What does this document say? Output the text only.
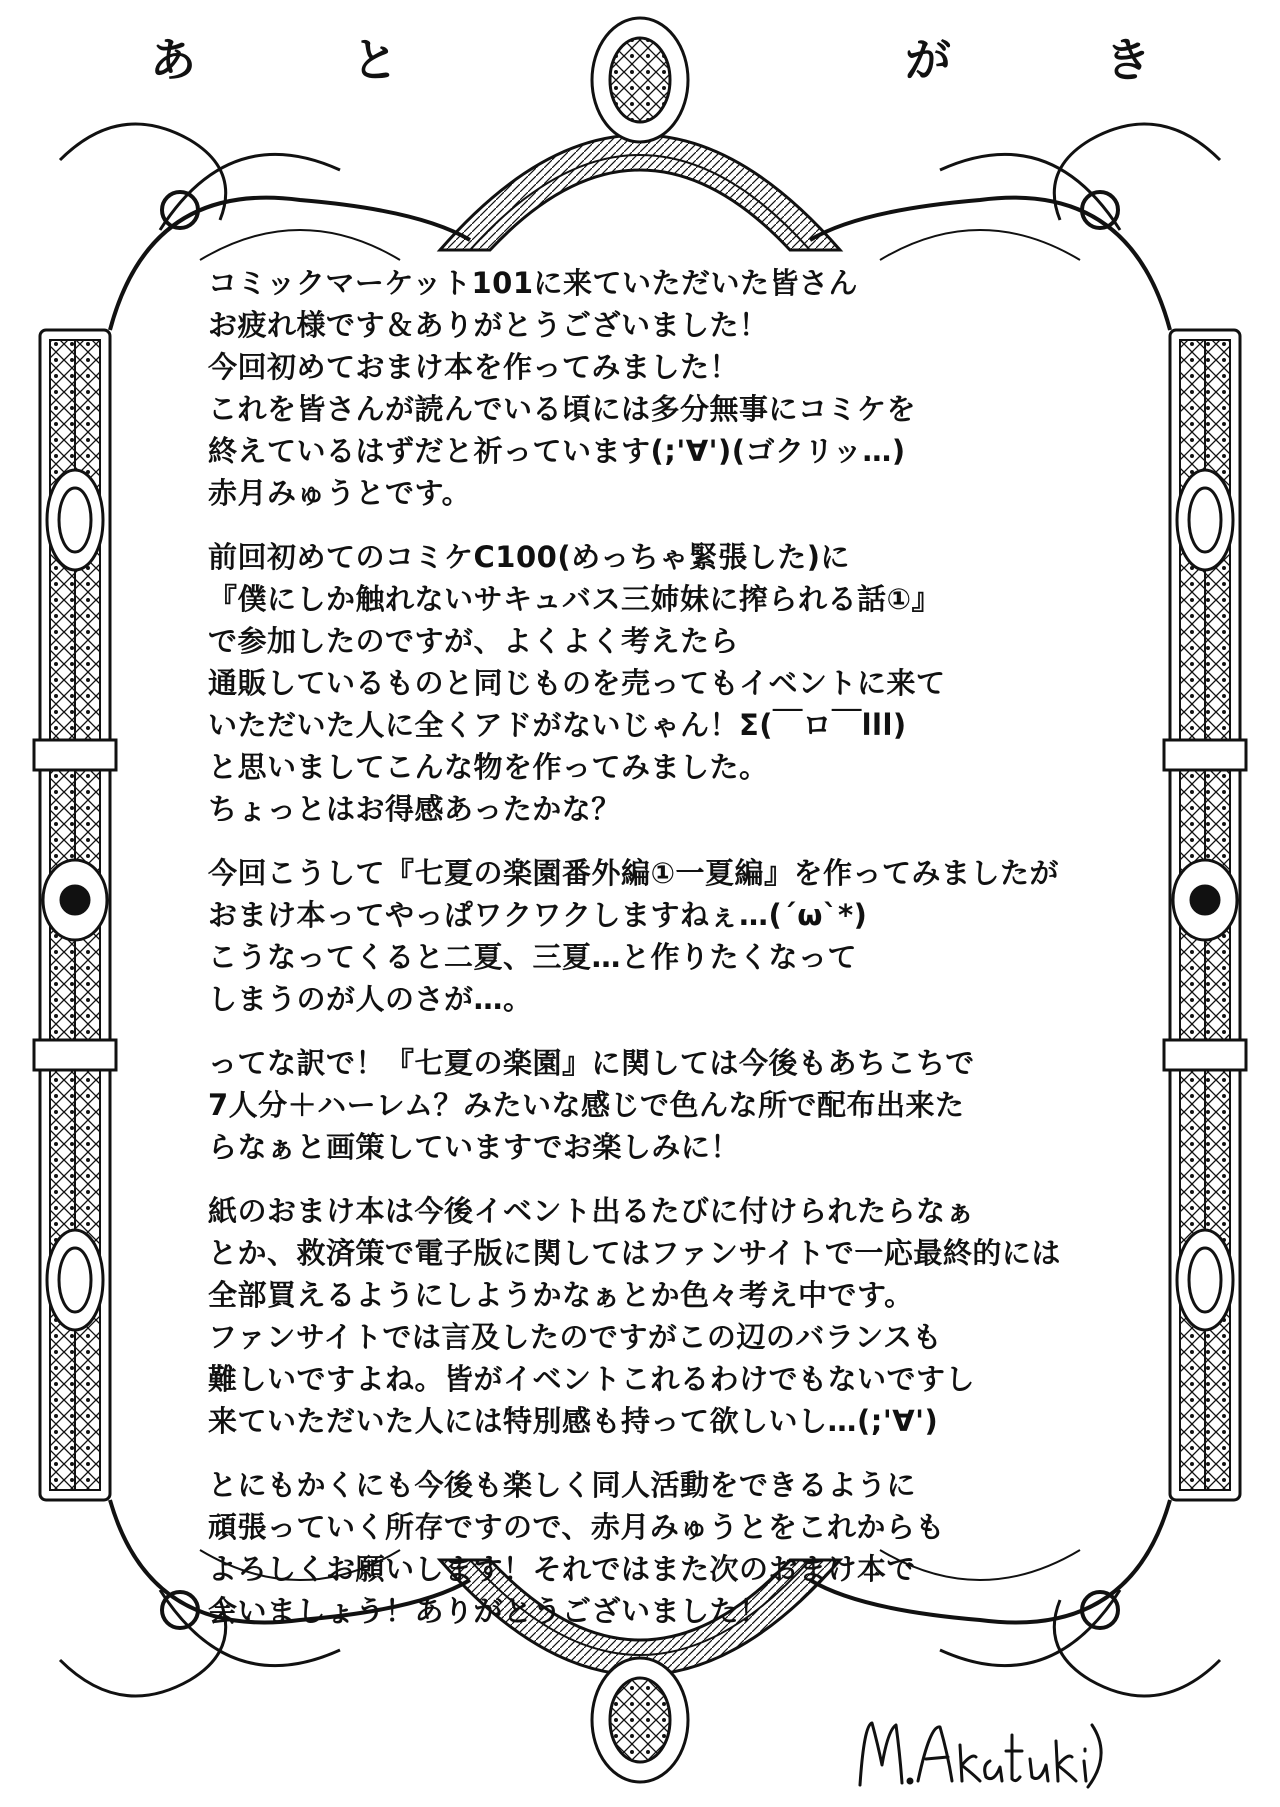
あ	と	が	き
コミックマーケット101に来ていただいた皆さん
お疲れ様です＆ありがとうございました！
今回初めておまけ本を作ってみました！
これを皆さんが読んでいる頃には多分無事にコミケを
終えているはずだと祈っています(;'∀')(ゴクリッ…)
赤月みゅうとです。
前回初めてのコミケC100(めっちゃ緊張した)に
『僕にしか触れないサキュバス三姉妹に搾られる話①』
で参加したのですが、よくよく考えたら
通販しているものと同じものを売ってもイベントに来て
いただいた人に全くアドがないじゃん！Σ(￣ロ￣lll)
と思いましてこんな物を作ってみました。
ちょっとはお得感あったかな？
今回こうして『七夏の楽園番外編①一夏編』を作ってみましたが
おまけ本ってやっぱワクワクしますねぇ…(´ω`*)
こうなってくると二夏、三夏…と作りたくなって
しまうのが人のさが…。
ってな訳で！『七夏の楽園』に関しては今後もあちこちで
7人分＋ハーレム？みたいな感じで色んな所で配布出来た
らなぁと画策していますでお楽しみに！
紙のおまけ本は今後イベント出るたびに付けられたらなぁ
とか、救済策で電子版に関してはファンサイトで一応最終的には
全部買えるようにしようかなぁとか色々考え中です。
ファンサイトでは言及したのですがこの辺のバランスも
難しいですよね。皆がイベントこれるわけでもないですし
来ていただいた人には特別感も持って欲しいし…(;'∀')
とにもかくにも今後も楽しく同人活動をできるように
頑張っていく所存ですので、赤月みゅうとをこれからも
よろしくお願いします！それではまた次のおまけ本で
会いましょう！ありがとうございました！
